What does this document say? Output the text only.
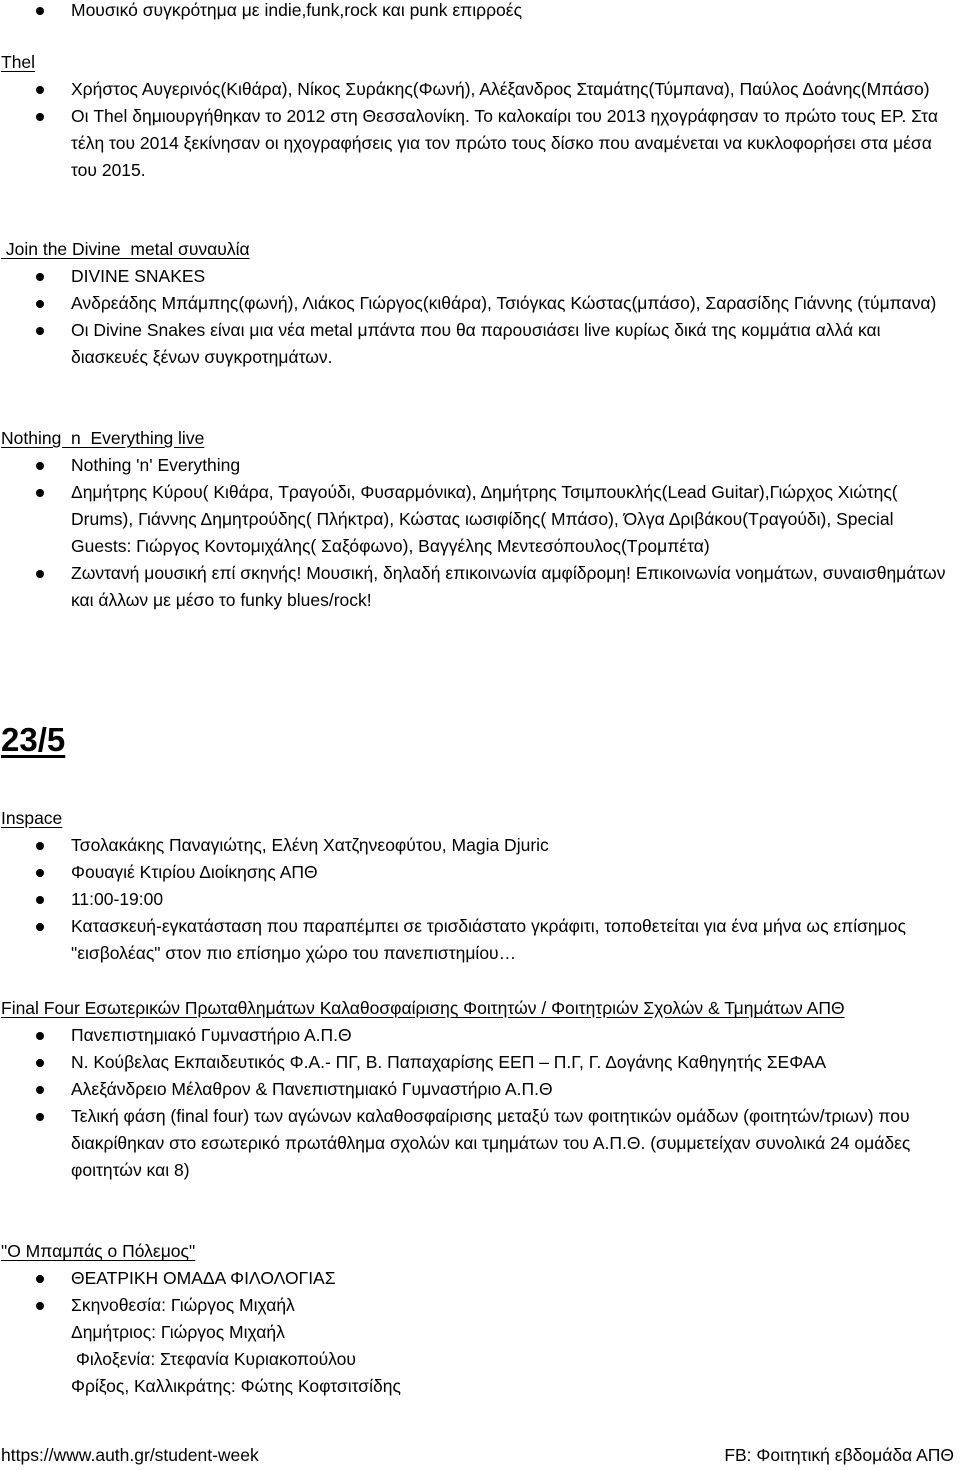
Μουσικό συγκρότημα με indie,funk,rock και punk επιρροές

Thel

Χρήστος Αυγερινός(Κιθάρα), Νίκος Συράκης(Φωνή), Αλέξανδρος Σταμάτης(Τύμπανα), Παύλος Δοάνης(Μπάσο)
Οι Thel δημιουργήθηκαν το 2012 στη Θεσσαλονίκη. Το καλοκαίρι του 2013 ηχογράφησαν το πρώτο τους EP. Στα τέλη του 2014 ξεκίνησαν οι ηχογραφήσεις για τον πρώτο τους δίσκο που αναμένεται να κυκλοφορήσει στα μέσα του 2015.

Join the Divine  metal συναυλία

DIVINE SNAKES
Ανδρεάδης Μπάμπης(φωνή), Λιάκος Γιώργος(κιθάρα), Τσιόγκας Κώστας(μπάσο), Σαρασίδης Γιάννης (τύμπανα)
Οι Divine Snakes είναι μια νέα metal μπάντα που θα παρουσιάσει live κυρίως δικά της κομμάτια αλλά και διασκευές ξένων συγκροτημάτων.

Nothing  n  Everything live

Nothing 'n' Everything
Δημήτρης Κύρου( Κιθάρα, Τραγούδι, Φυσαρμόνικα), Δημήτρης Τσιμπουκλής(Lead Guitar),Γιώρχος Χιώτης( Drums), Γιάννης Δημητρούδης( Πλήκτρα), Κώστας ιωσιφίδης( Μπάσο), Όλγα Δριβάκου(Τραγούδι), Special Guests: Γιώργος Κοντομιχάλης( Σαξόφωνο), Βαγγέλης Μεντεσόπουλος(Τρομπέτα)
Ζωντανή μουσική επί σκηνής! Μουσική, δηλαδή επικοινωνία αμφίδρομη! Επικοινωνία νοημάτων, συναισθημάτων και άλλων με μέσο το funky blues/rock!

23/5

Inspace

Τσολακάκης Παναγιώτης, Ελένη Χατζηνεοφύτου, Magia Djuric
Φουαγιέ Κτιρίου Διοίκησης ΑΠΘ
11:00-19:00
Κατασκευή-εγκατάσταση που παραπέμπει σε τρισδιάστατο γκράφιτι, τοποθετείται για ένα μήνα ως επίσημος "εισβολέας" στον πιο επίσημο χώρο του πανεπιστημίου…

Final Four Εσωτερικών Πρωταθλημάτων Καλαθοσφαίρισης Φοιτητών / Φοιτητριών Σχολών & Τμημάτων ΑΠΘ

Πανεπιστημιακό Γυμναστήριο Α.Π.Θ
Ν. Κούβελας Εκπαιδευτικός Φ.Α.- ΠΓ, Β. Παπαχαρίσης ΕΕΠ – Π.Γ, Γ. Δογάνης Καθηγητής ΣΕΦΑΑ
Αλεξάνδρειο Μέλαθρον & Πανεπιστημιακό Γυμναστήριο Α.Π.Θ
Τελική φάση (final four) των αγώνων καλαθοσφαίρισης μεταξύ των φοιτητικών ομάδων (φοιτητών/τριων) που διακρίθηκαν στο εσωτερικό πρωτάθλημα σχολών και τμημάτων του Α.Π.Θ. (συμμετείχαν συνολικά 24 ομάδες φοιτητών και 8)

"Ο Μπαμπάς ο Πόλεμος"

ΘΕΑΤΡΙΚΗ ΟΜΑΔΑ ΦΙΛΟΛΟΓΙΑΣ
Σκηνοθεσία: Γιώργος Μιχαήλ
Δημήτριος: Γιώργος Μιχαήλ
Φιλοξενία: Στεφανία Κυριακοπούλου
Φρίξος, Καλλικράτης: Φώτης Κοφτσιτσίδης
https://www.auth.gr/student-week	FB: Φοιτητική εβδομάδα ΑΠΘ
